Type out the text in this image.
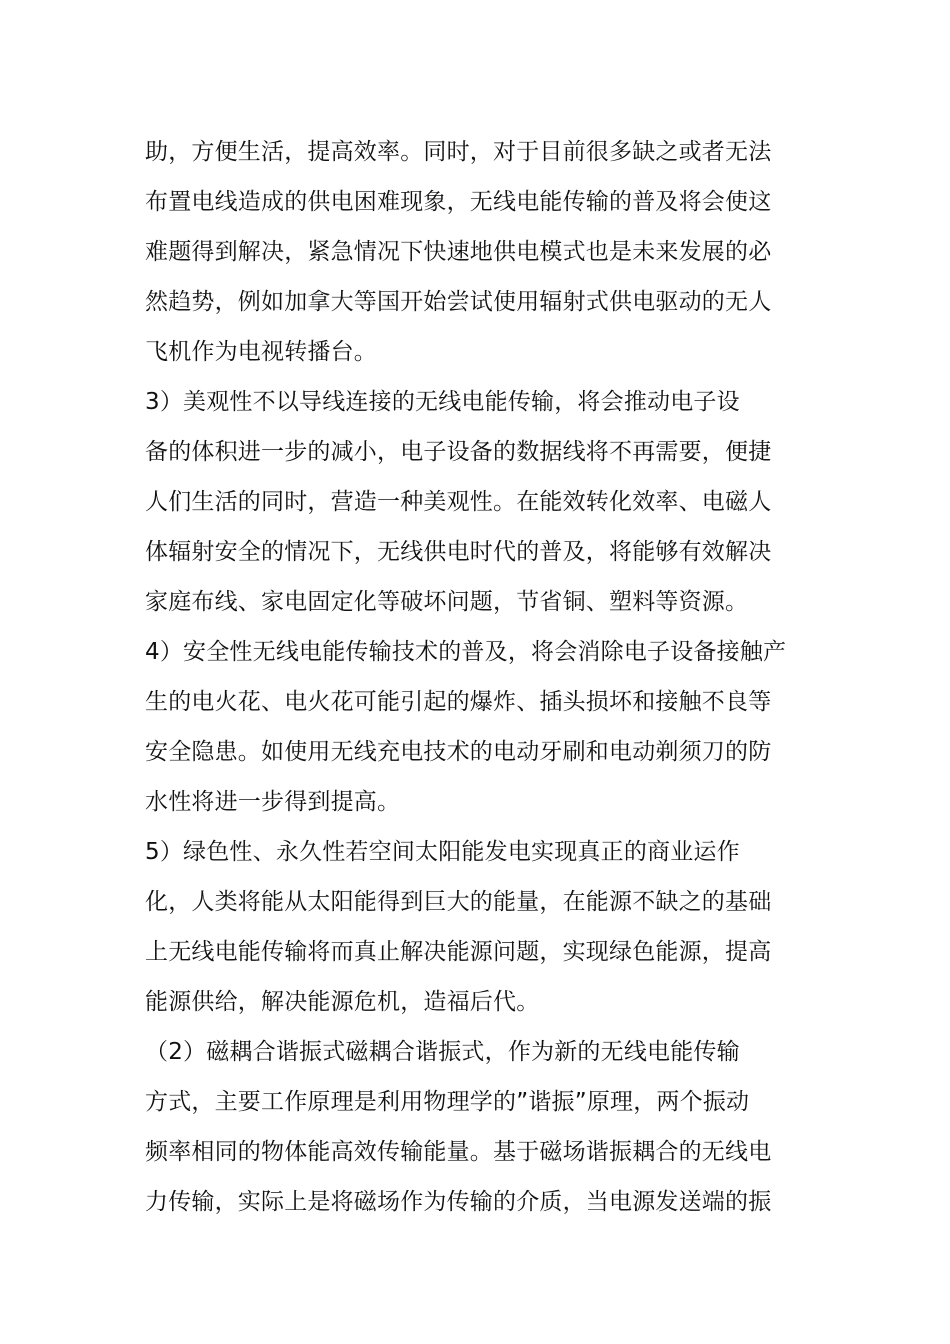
助，方便生活，提高效率。同时，对于目前很多缺之或者无法
布置电线造成的供电困难现象，无线电能传输的普及将会使这
难题得到解决，紧急情况下快速地供电模式也是未来发展的必
然趋势，例如加拿大等国开始尝试使用辐射式供电驱动的无人
飞机作为电视转播台。
3）美观性不以导线连接的无线电能传输，将会推动电子设
备的体积进一步的减小，电子设备的数据线将不再需要，便捷
人们生活的同时，营造一种美观性。在能效转化效率、电磁人
体辐射安全的情况下，无线供电时代的普及，将能够有效解决
家庭布线、家电固定化等破坏问题，节省铜、塑料等资源。
4）安全性无线电能传输技术的普及，将会消除电子设备接触产
生的电火花、电火花可能引起的爆炸、插头损坏和接触不良等
安全隐患。如使用无线充电技术的电动牙刷和电动剃须刀的防
水性将进一步得到提高。
5）绿色性、永久性若空间太阳能发电实现真正的商业运作
化，人类将能从太阳能得到巨大的能量，在能源不缺之的基础
上无线电能传输将而真止解决能源问题，实现绿色能源，提高
能源供给，解决能源危机，造福后代。
（2）磁耦合谐振式磁耦合谐振式，作为新的无线电能传输
方式，主要工作原理是利用物理学的”谐振”原理，两个振动
频率相同的物体能高效传输能量。基于磁场谐振耦合的无线电
力传输，实际上是将磁场作为传输的介质，当电源发送端的振
